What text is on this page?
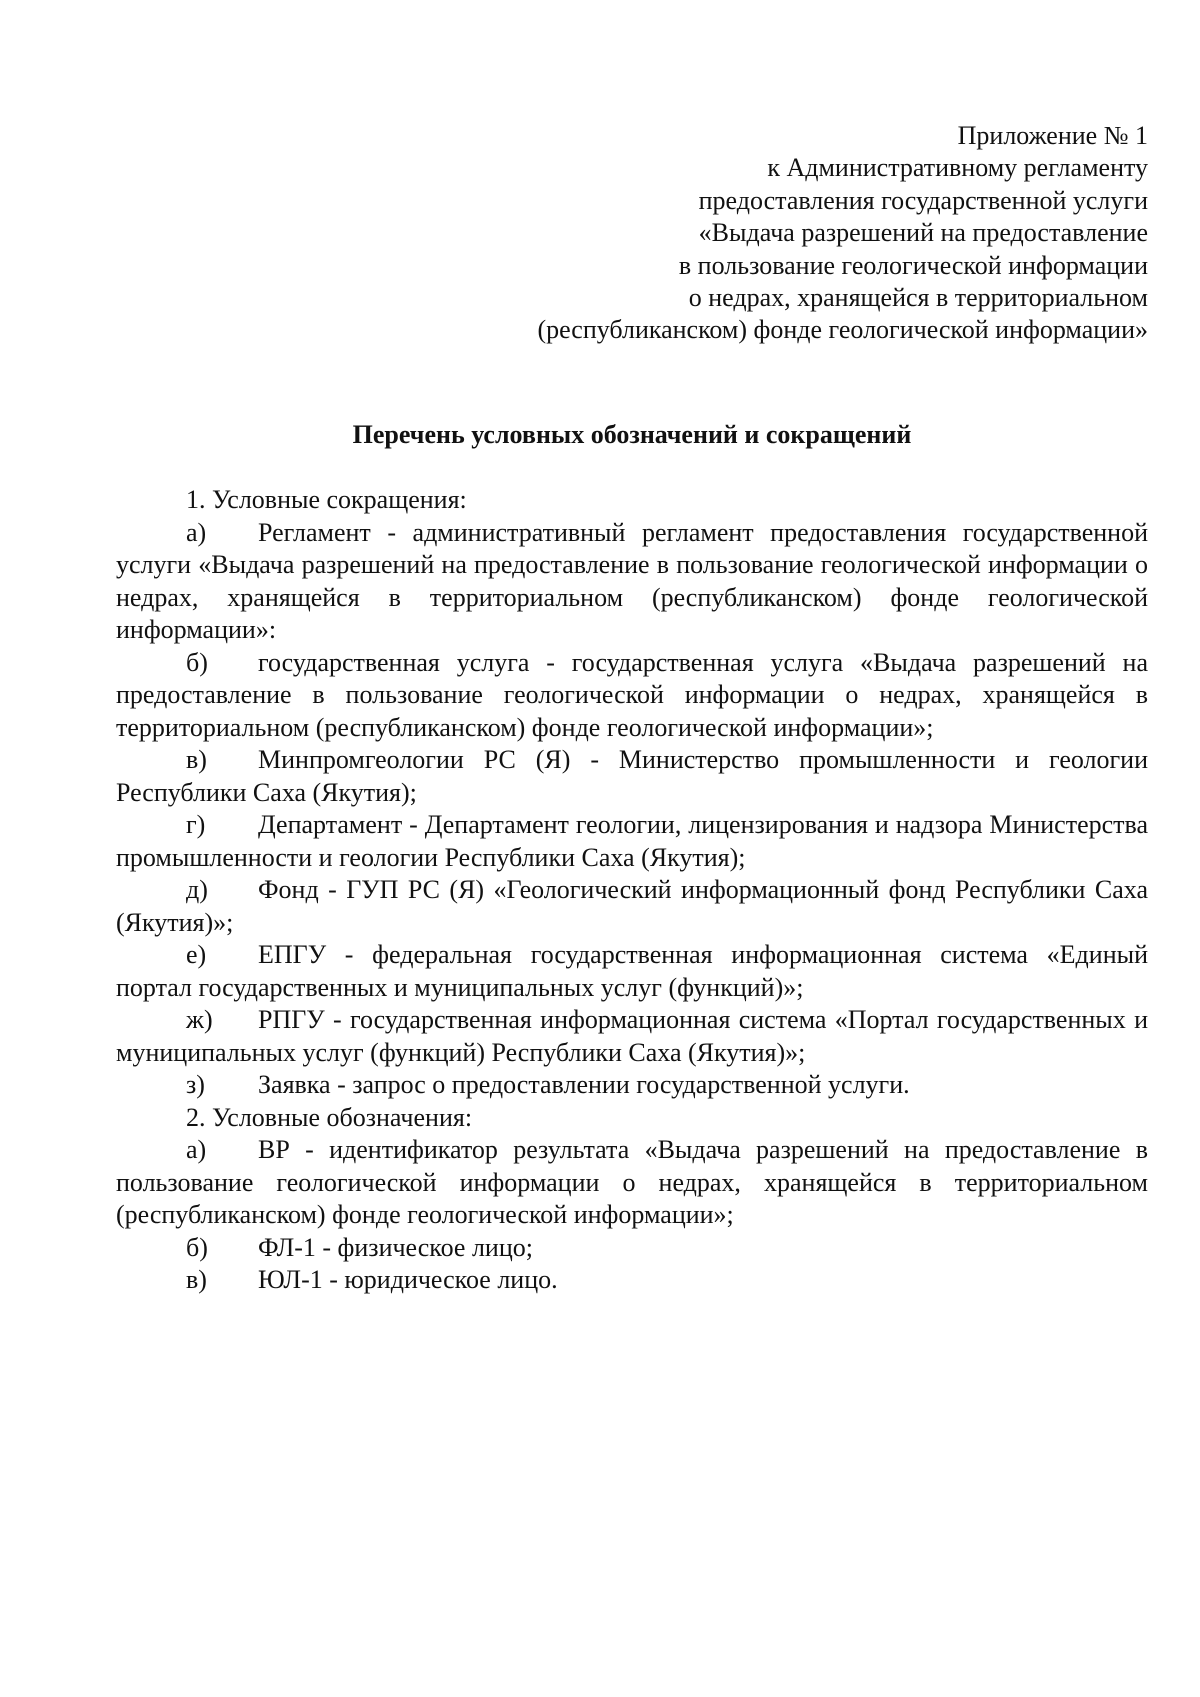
Приложение № 1
к Административному регламенту
предоставления государственной услуги
«Выдача разрешений на предоставление
в пользование геологической информации
о недрах, хранящейся в территориальном
(республиканском) фонде геологической информации»
Перечень условных обозначений и сокращений
1. Условные сокращения:
а) Регламент - административный регламент предоставления государственной услуги «Выдача разрешений на предоставление в пользование геологической информации о недрах, хранящейся в территориальном (республиканском) фонде геологической информации»:
б) государственная услуга - государственная услуга «Выдача разрешений на предоставление в пользование геологической информации о недрах, хранящейся в территориальном (республиканском) фонде геологической информации»;
в) Минпромгеологии РС (Я) - Министерство промышленности и геологии Республики Саха (Якутия);
г) Департамент - Департамент геологии, лицензирования и надзора Министерства промышленности и геологии Республики Саха (Якутия);
д) Фонд - ГУП РС (Я) «Геологический информационный фонд Республики Саха (Якутия)»;
е) ЕПГУ - федеральная государственная информационная система «Единый портал государственных и муниципальных услуг (функций)»;
ж) РПГУ - государственная информационная система «Портал государственных и муниципальных услуг (функций) Республики Саха (Якутия)»;
з) Заявка - запрос о предоставлении государственной услуги.
2. Условные обозначения:
а) ВР - идентификатор результата «Выдача разрешений на предоставление в пользование геологической информации о недрах, хранящейся в территориальном (республиканском) фонде геологической информации»;
б) ФЛ-1 - физическое лицо;
в) ЮЛ-1 - юридическое лицо.
